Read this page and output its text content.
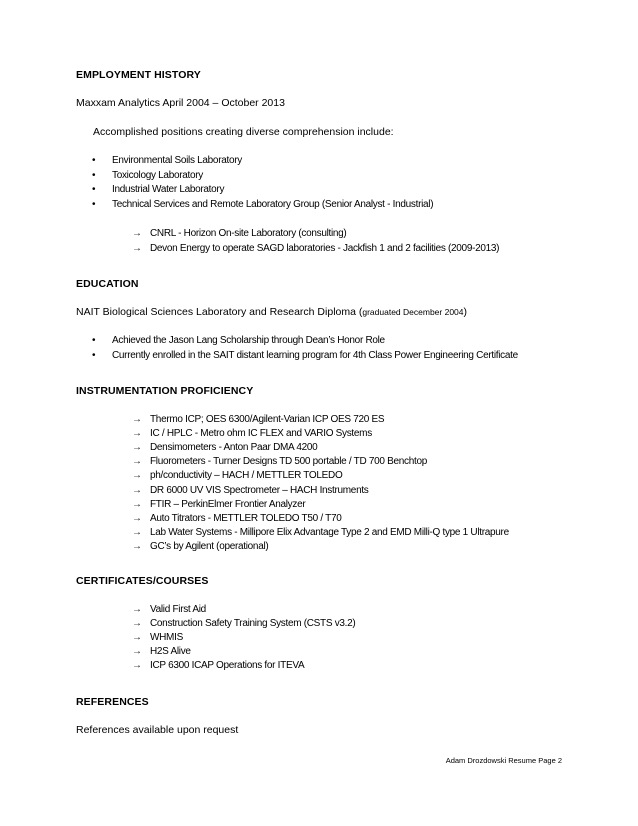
EMPLOYMENT HISTORY
Maxxam Analytics April 2004 – October 2013
Accomplished positions creating diverse comprehension include:
• Environmental Soils Laboratory
• Toxicology Laboratory
• Industrial Water Laboratory
• Technical Services and Remote Laboratory Group (Senior Analyst - Industrial)
→ CNRL - Horizon On-site Laboratory (consulting)
→ Devon Energy to operate SAGD laboratories - Jackfish 1 and 2 facilities (2009-2013)
EDUCATION
NAIT Biological Sciences Laboratory and Research Diploma (graduated December 2004)
• Achieved the Jason Lang Scholarship through Dean’s Honor Role
• Currently enrolled in the SAIT distant learning program for 4th Class Power Engineering Certificate
INSTRUMENTATION PROFICIENCY
→ Thermo ICP; OES 6300/Agilent-Varian ICP OES 720 ES
→ IC / HPLC - Metro ohm IC FLEX and VARIO Systems
→ Densimometers - Anton Paar DMA 4200
→ Fluorometers - Turner Designs TD 500 portable / TD 700 Benchtop
→ ph/conductivity – HACH / METTLER TOLEDO
→ DR 6000 UV VIS Spectrometer – HACH Instruments
→ FTIR – PerkinElmer Frontier Analyzer
→ Auto Titrators - METTLER TOLEDO T50 / T70
→ Lab Water Systems - Millipore Elix Advantage Type 2 and EMD Milli-Q type 1 Ultrapure
→ GC’s by Agilent (operational)
CERTIFICATES/COURSES
→ Valid First Aid
→ Construction Safety Training System (CSTS v3.2)
→ WHMIS
→ H2S Alive
→ ICP 6300 ICAP Operations for ITEVA
REFERENCES
References available upon request
Adam Drozdowski Resume Page 2
